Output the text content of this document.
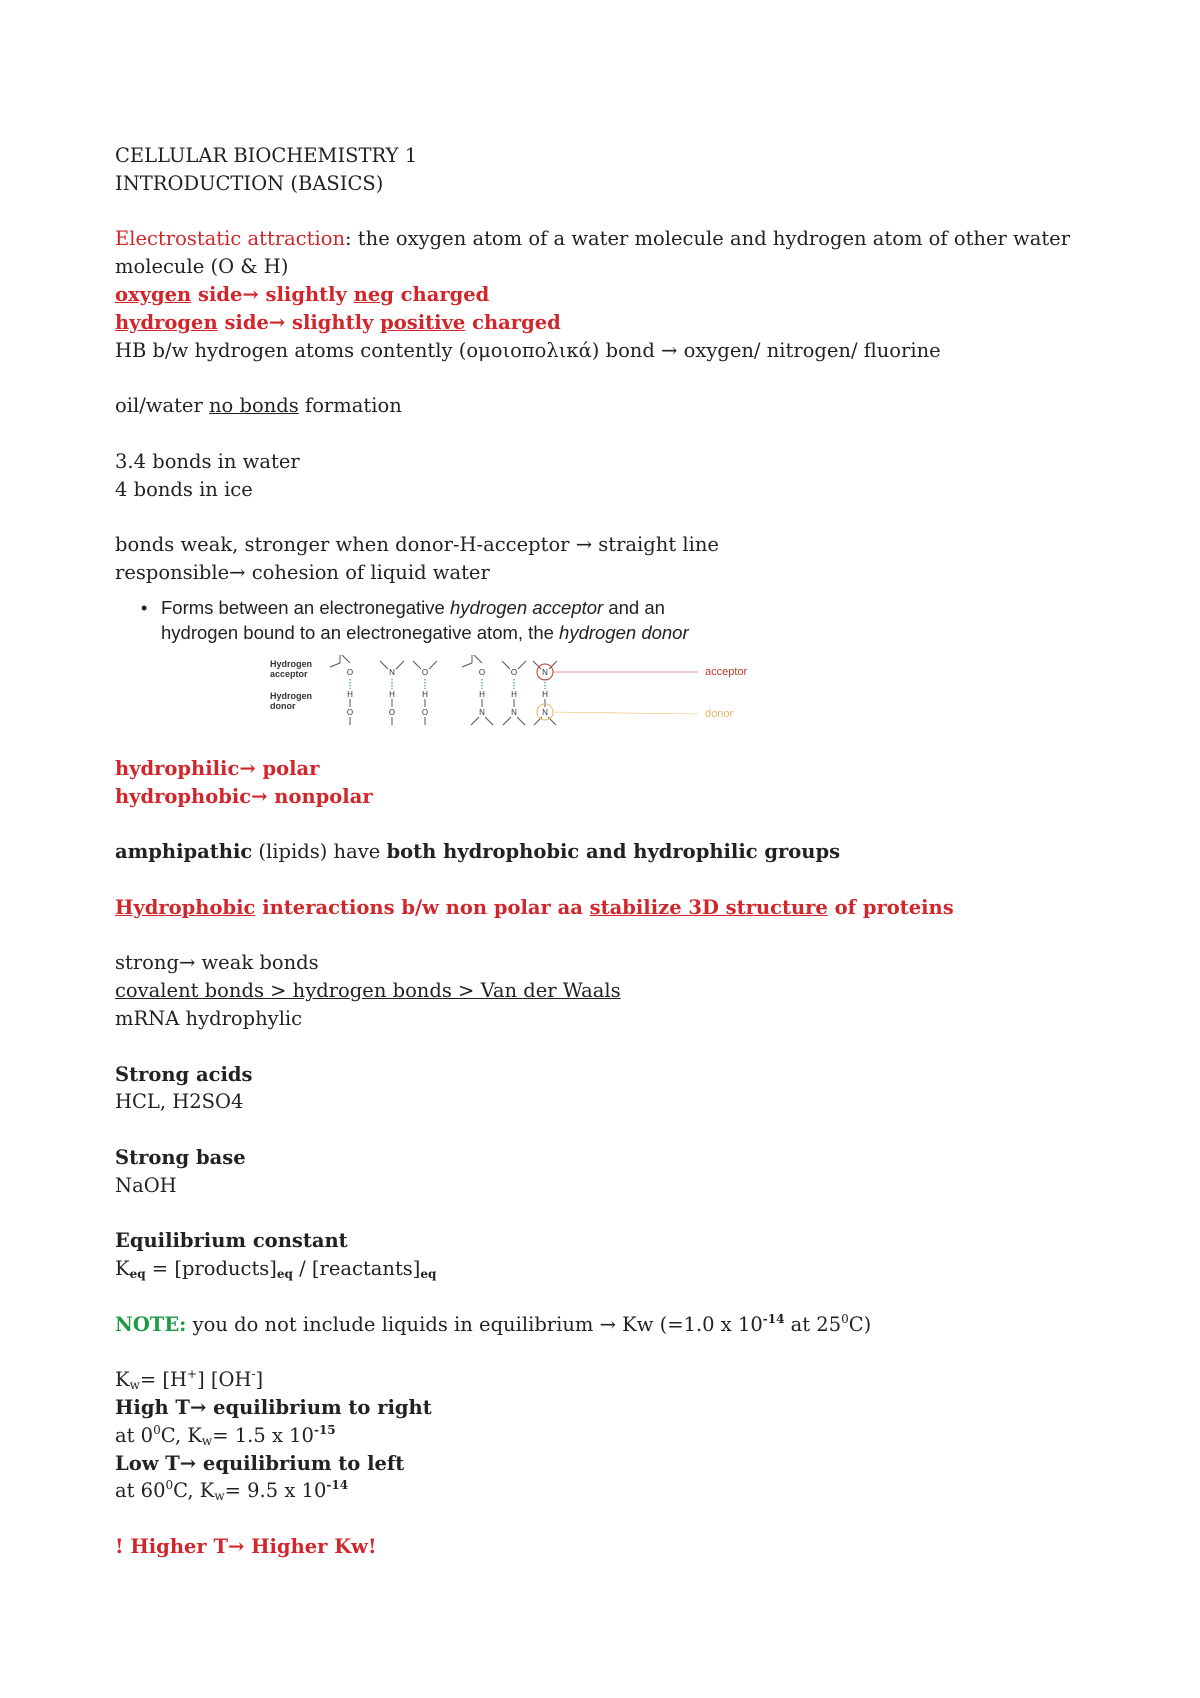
CELLULAR BIOCHEMISTRY 1
INTRODUCTION (BASICS)
Electrostatic attraction: the oxygen atom of a water molecule and hydrogen atom of other water molecule (O & H)
oxygen side→ slightly neg charged
hydrogen side→ slightly positive charged
HB b/w hydrogen atoms contently (ομοιοπολικά) bond → oxygen/ nitrogen/ fluorine
oil/water no bonds formation
3.4 bonds in water
4 bonds in ice
bonds weak, stronger when donor-H-acceptor → straight line
responsible→ cohesion of liquid water
• Forms between an electronegative hydrogen acceptor and an
hydrogen bound to an electronegative atom, the hydrogen donor
Hydrogen
acceptor
Hydrogen
donor
O
H
O
N
H
O
O
H
O
O
H
N
O
H
N
N
H
N
acceptor
donor
hydrophilic→ polar
hydrophobic→ nonpolar
amphipathic (lipids) have both hydrophobic and hydrophilic groups
Hydrophobic interactions b/w non polar aa stabilize 3D structure of proteins
strong→ weak bonds
covalent bonds > hydrogen bonds > Van der Waals
mRNA hydrophylic
Strong acids
HCL, H2SO4
Strong base
NaOH
Equilibrium constant
$K_{eq}$ = $[products]_{eq}$ / $[reactants]_{eq}$
NOTE: you do not include liquids in equilibrium → Kw (=1.0 x $10^{-14}$ at $25^0C$)
$K_w= [H^+]$ [OH-]
High T→ equilibrium to right
at $0^0C$, $K_w= 1.5$ x $10^{-15}$
Low T→ equilibrium to left
at $60^0C$, $K_w= 9.5$ x $10^{-14}$
! Higher T→ Higher Kw!
